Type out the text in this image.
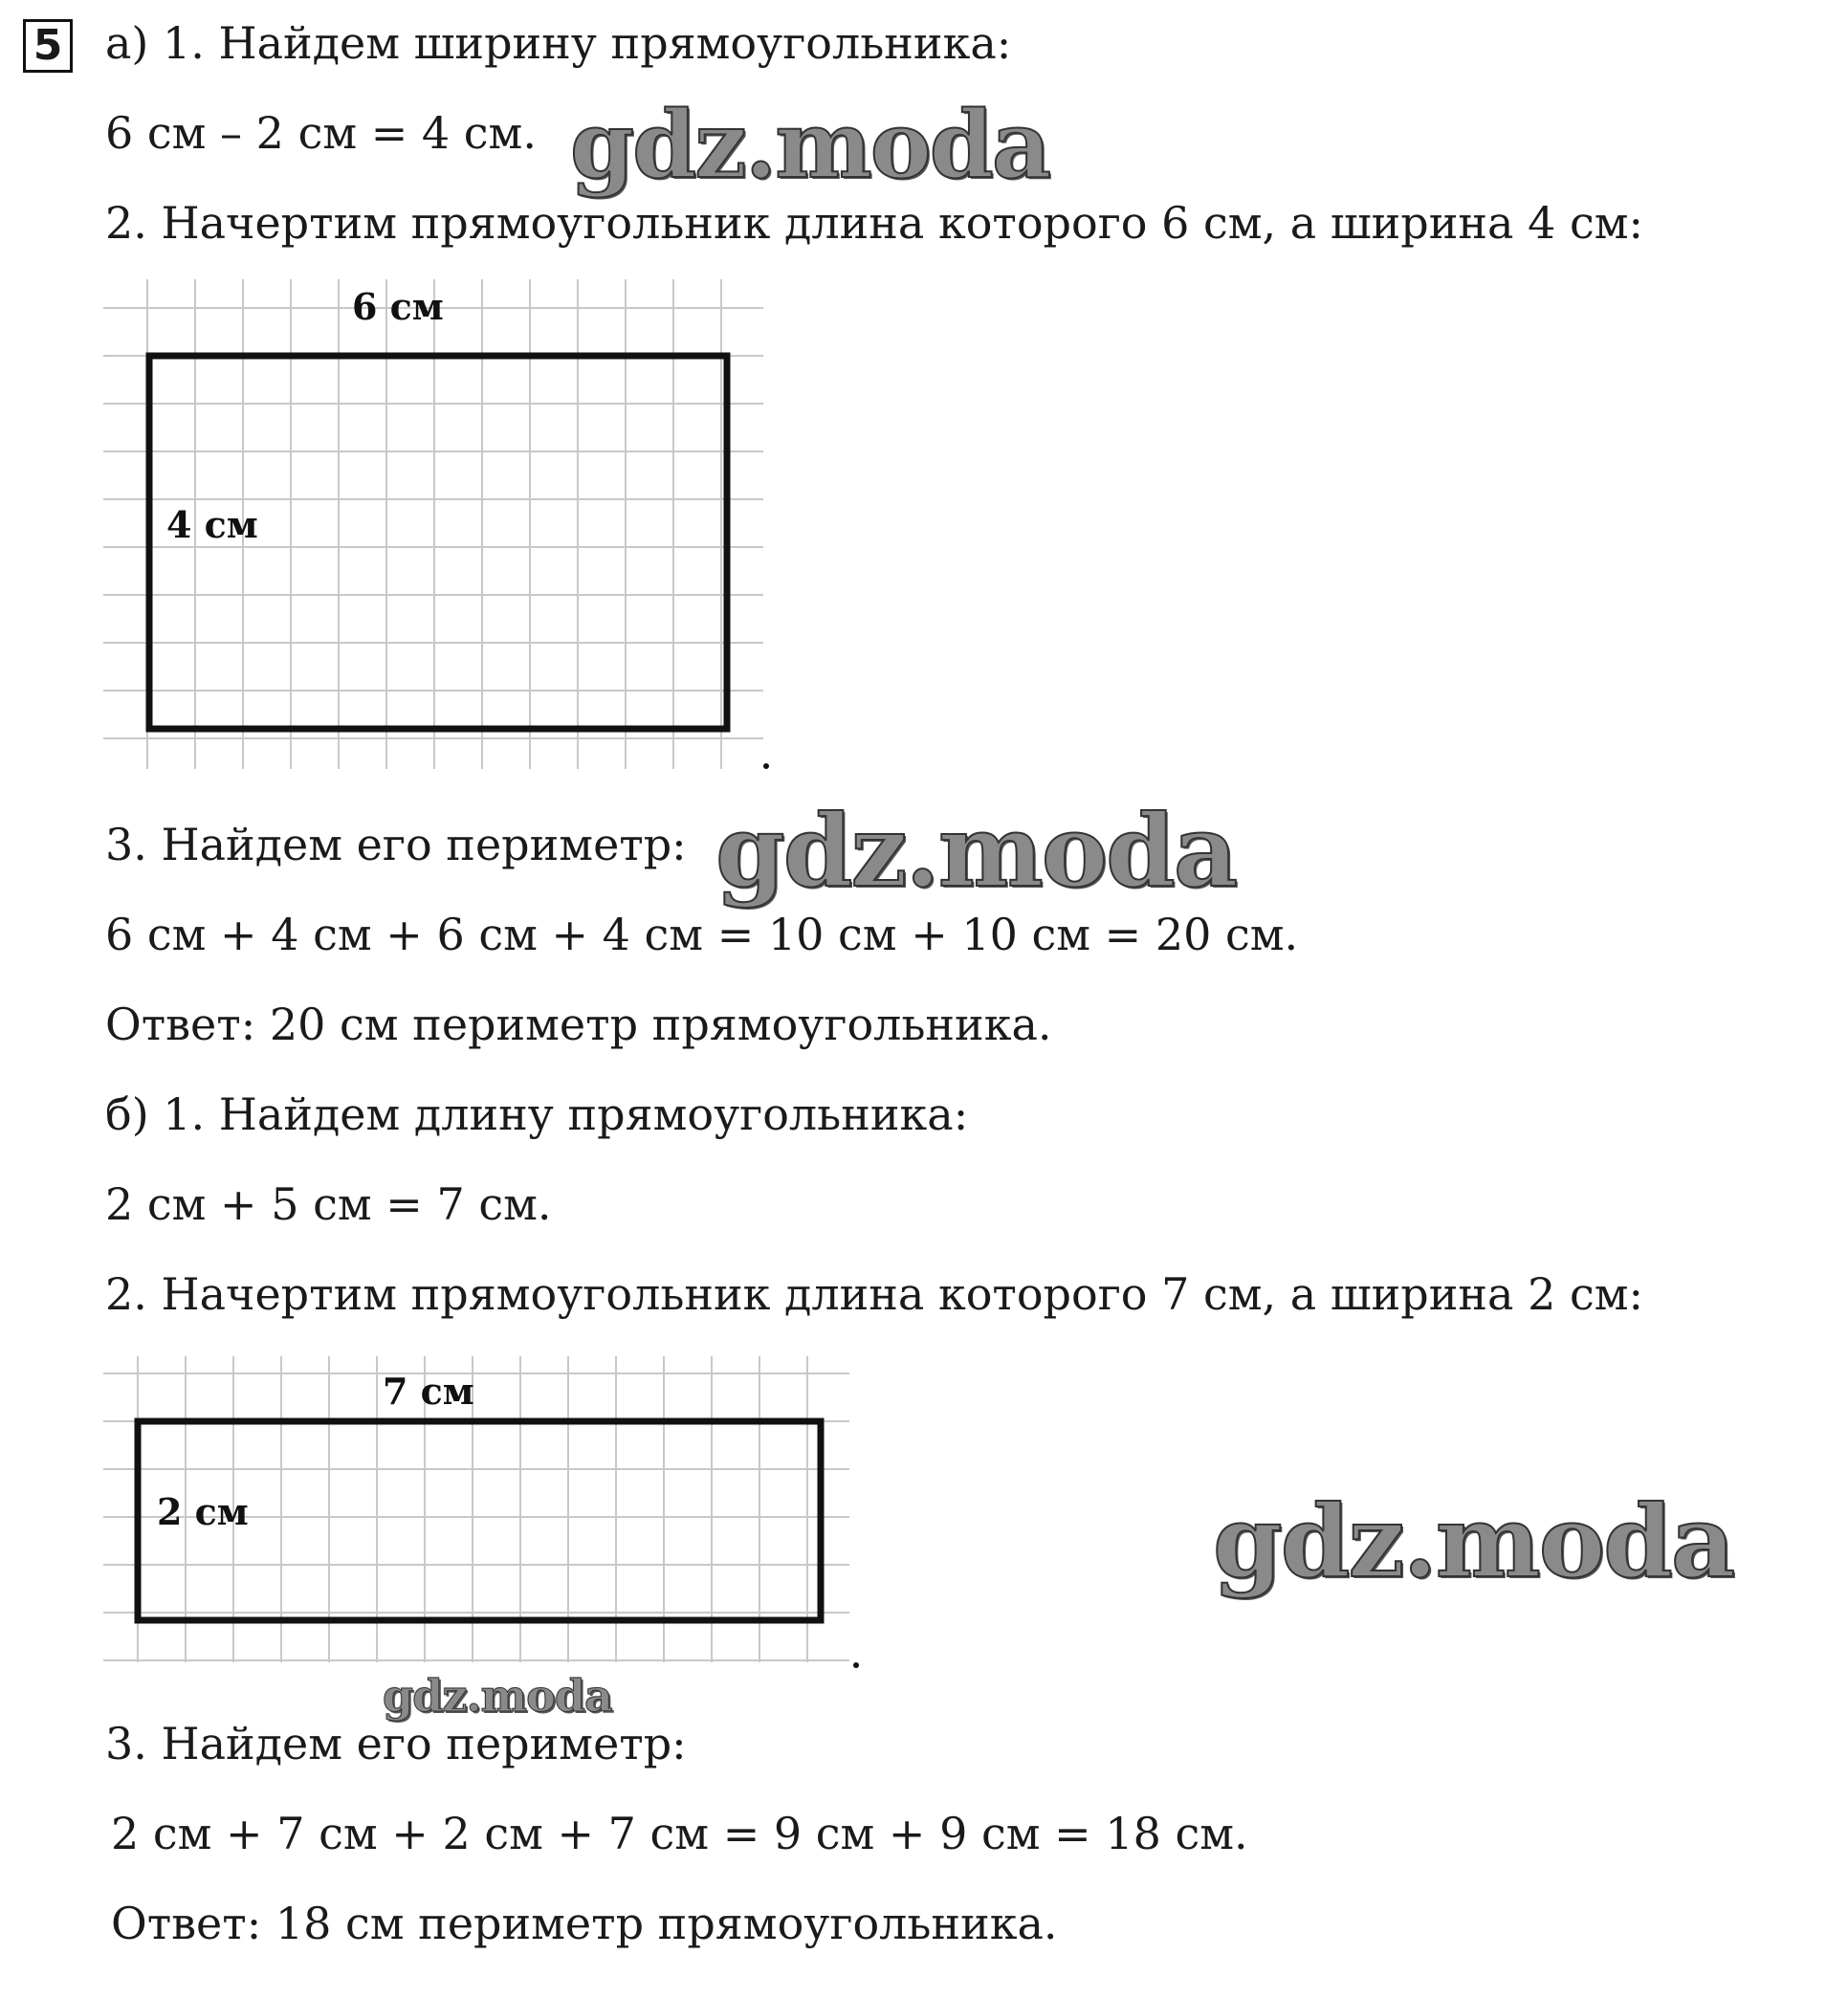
5 а) 1. Найдем ширину прямоугольника:
6 см – 2 см = 4 см.
2. Начертим прямоугольник длина которого 6 см, а ширина 4 см:
6 см
4 см
3. Найдем его периметр:
6 см + 4 см + 6 см + 4 см = 10 см + 10 см = 20 см.
Ответ: 20 см периметр прямоугольника.
б) 1. Найдем длину прямоугольника:
2 см + 5 см = 7 см.
2. Начертим прямоугольник длина которого 7 см, а ширина 2 см:
7 см
2 см
3. Найдем его периметр:
2 см + 7 см + 2 см + 7 см = 9 см + 9 см = 18 см.
Ответ: 18 см периметр прямоугольника.
gdz.moda
gdz.moda
gdz.moda
gdz.moda
